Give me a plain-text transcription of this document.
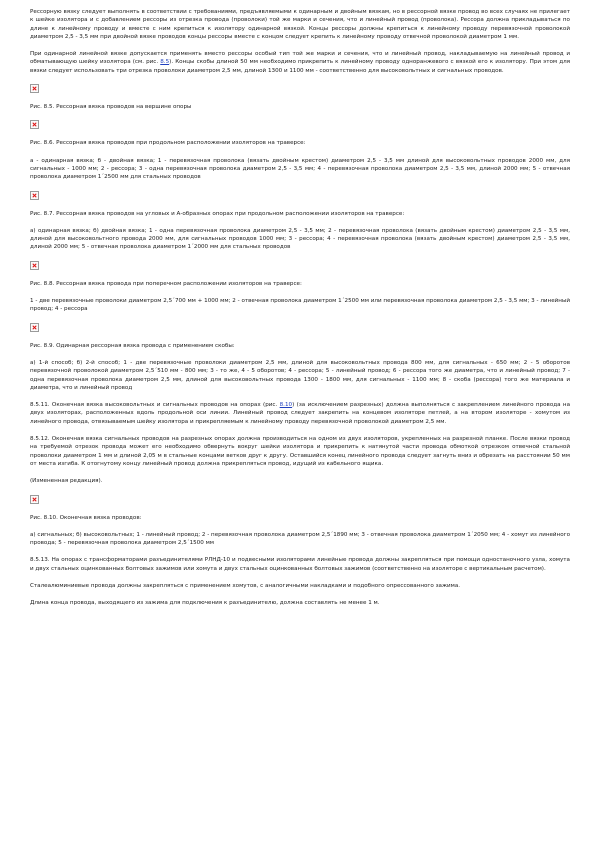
Рессорную вязку следует выполнять в соответствии с требованиями, предъявляемыми к одинарным и двойным вязкам, но в рессорной вязке провод во всех случаях не прилегает к шейке изолятора и с добавлением рессоры из отрезка провода (проволоки) той же марки и сечения, что и линейный провод (проволока). Рессора должна прикладываться по длине к линейному проводу и вместе с ним крепиться к изолятору одинарной вязкой. Концы рессоры должны крепиться к линейному проводу перевязочной проволокой диаметром 2,5 - 3,5 мм при двойной вязке проводов концы рессоры вместе с концом следует крепить к линейному проводу отвечной проволокой диаметром 1 мм.

При одинарной линейной вязке допускается применять вместо рессоры особый тип той же марки и сечения, что и линейный провод, накладываемую на линейный провод и обматывающую шейку изолятора (см. рис. 8.5). Концы скобы длиной 50 мм необходимо прикрепить к линейному проводу одноранжевого с вязкой его к изолятору. При этом для вязки следует использовать три отрезка проволоки диаметром 2,5 мм, длиной 1300 и 1100 мм - соответственно для высоковольтных и сигнальных проводов.

Рис. 8.5. Рессорная вязка проводов на вершине опоры

Рис. 8.6. Рессорная вязка проводов при продольном расположении изоляторов на траверсе:

а - одинарная вязка; б - двойная вязка; 1 - перевязочная проволока (вязать двойным крестом) диаметром 2,5 - 3,5 мм длиной для высоковольтных проводов 2000 мм, для сигнальных - 1000 мм; 2 - рессора; 3 - одна перевязочная проволока диаметром 2,5 - 3,5 мм; 4 - перевязочная проволока диаметром 2,5 - 3,5 мм, длиной 2000 мм; 5 - отвечная проволока диаметром 1´2500 мм для стальных проводов

Рис. 8.7. Рессорная вязка проводов на угловых и А-образных опорах при продольном расположении изоляторов на траверсе:

а) одинарная вязка; б) двойная вязка; 1 - одна перевязочная проволока диаметром 2,5 - 3,5 мм; 2 - перевязочная проволока (вязать двойным крестом) диаметром 2,5 - 3,5 мм, длиной для высоковольтного провода 2000 мм, для сигнальных проводов 1000 мм; 3 - рессора; 4 - перевязочная проволока (вязать двойным крестом) диаметром 2,5 - 3,5 мм, длиной 2000 мм; 5 - отвечная проволока диаметром 1´2000 мм для стальных проводов

Рис. 8.8. Рессорная вязка провода при поперечном расположении изоляторов на траверсе:

1 - две перевязочные проволоки диаметром 2,5´700 мм + 1000 мм; 2 - отвечная проволока диаметром 1´2500 мм или перевязочная проволока диаметром 2,5 - 3,5 мм; 3 - линейный провод; 4 - рессора

Рис. 8.9. Одинарная рессорная вязка провода с применением скобы:

а) 1-й способ; б) 2-й способ; 1 - две перевязочные проволоки диаметром 2,5 мм, длиной для высоковольтных провода 800 мм, для сигнальных - 650 мм; 2 - 5 оборотов перевязочной проволокой диаметром 2,5´510 мм - 800 мм; 3 - то же, 4 - 5 оборотов; 4 - рессора; 5 - линейный провод; 6 - рессора того же диаметра, что и линейный провод; 7 - одна перевязочная проволока диаметром 2,5 мм, длиной для высоковольтных провода 1300 - 1800 мм, для сигнальных - 1100 мм; 8 - скоба (рессора) того же материала и диаметра, что и линейный провод

8.5.11. Оконечная вязка высоковольтных и сигнальных проводов на опорах (рис. 8.10) (за исключением разрезных) должна выполняться с закреплением линейного провода на двух изоляторах, расположенных вдоль продольной оси линии. Линейный провод следует закрепить на концевом изоляторе петлей, а на втором изоляторе - хомутом из линейного провода, отвязываемым шейку изолятора и прикрепляемым к линейному проводу перевязочной проволокой диаметром 2,5 мм.

8.5.12. Оконечная вязка сигнальных проводов на разрезных опорах должна производиться на одном из двух изоляторов, укрепленных на разрезной планке. После вязки провод на требуемой отрезок провода может его необходимо обвернуть вокруг шейки изолятора и прикрепить к натянутой части провода обмоткой отрезком отвечной стальной проволоки диаметром 1 мм и длиной 2,05 м в стальные концами ветков друг к другу. Оставшийся конец линейного провода следует загнуть вниз и обрезать на расстоянии 50 мм от места изгиба. К отогнутому концу линейный провод должна прикрепляться провод, идущий из кабельного ящика.

(Измененная редакция).

Рис. 8.10. Оконечная вязка проводов:

а) сигнальных; б) высоковольтных; 1 - линейный провод; 2 - перевязочная проволока диаметром 2,5´1890 мм; 3 - отвечная проволока диаметром 1´2050 мм; 4 - хомут из линейного провода; 5 - перевязочная проволока диаметром 2,5´1500 мм

8.5.13. На опорах с трансформаторами разъединителями РЛНД-10 и подвесными изоляторами линейные провода должны закрепляться при помощи одностаночного узла, хомута и двух стальных оцинкованных болтовых зажимов или хомута и двух стальных оцинкованных болтовых зажимов (соответственно на изоляторе с вертикальным расчетом).

Сталеалюминиевые провода должны закрепляться с применением хомутов, с аналогичными накладками и подобного опрессованного зажима.

Длина конца провода, выходящего из зажима для подключения к разъединителю, должна составлять не менее 1 м.
